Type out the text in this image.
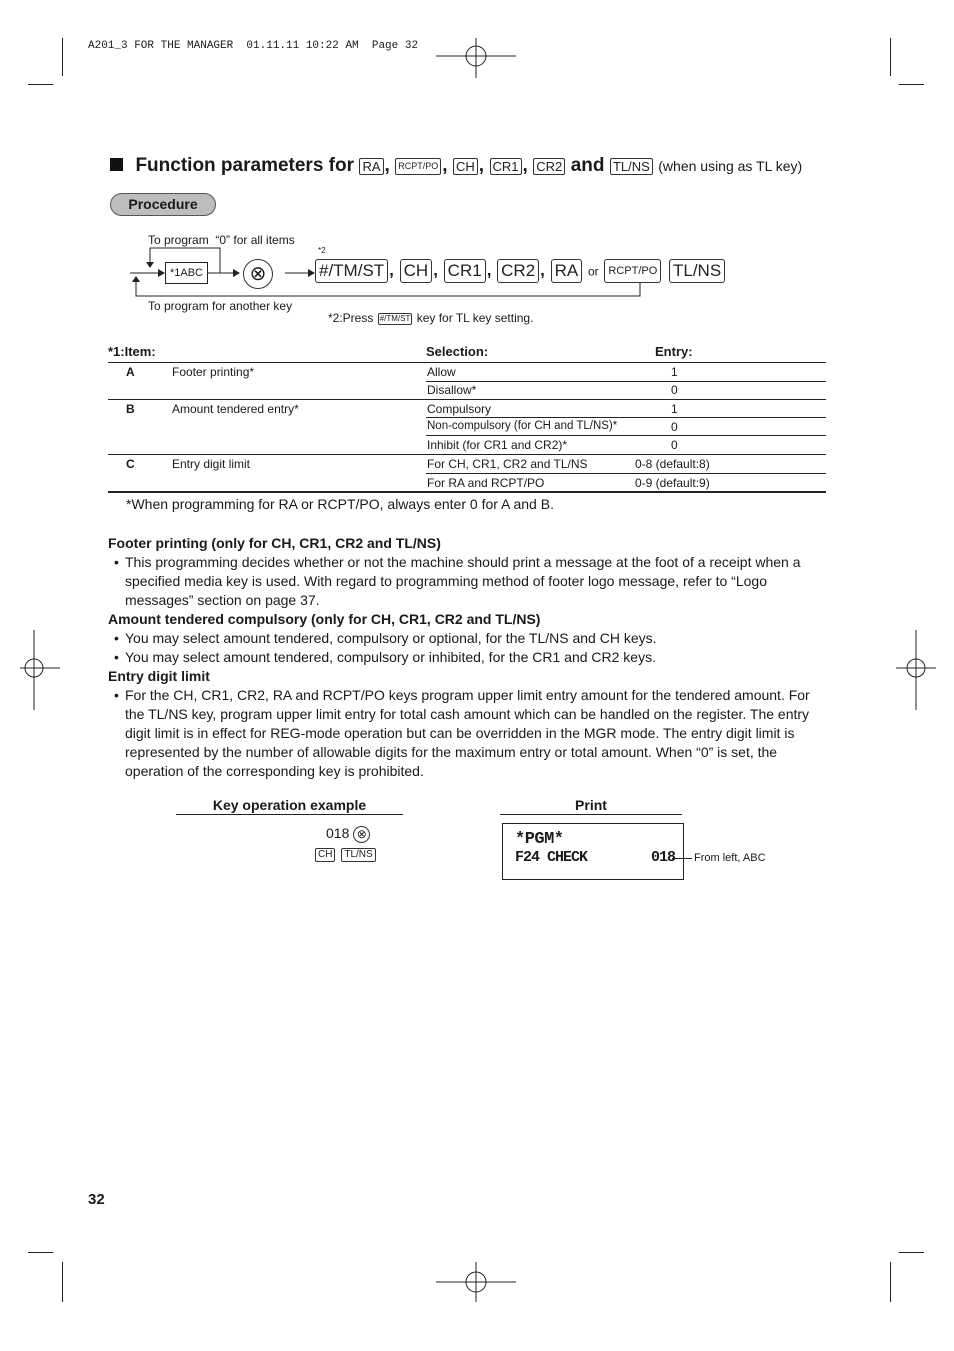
A201_3 FOR THE MANAGER  01.11.11 10:22 AM  Page 32
Function parameters for RA , RCPT/PO , CH , CR1 , CR2 and TL/NS (when using as TL key)
Procedure
To program  “0” for all items
*1ABC	⊗
*2
#/TM/ST , CH , CR1 , CR2 , RA or RCPT/PO TL/NS
To program for another key
*2:Press #/TM/ST key for TL key setting.
*1:Item:	Selection:	Entry:
A	Footer printing*	Allow	1
Disallow*	0
B	Amount tendered entry*	Compulsory	1
Non-compulsory (for CH and TL/NS)*	0
Inhibit (for CR1 and CR2)*	0
C	Entry digit limit	For CH, CR1, CR2 and TL/NS	0-8 (default:8)
For RA and RCPT/PO	0-9 (default:9)
*When programming for RA or RCPT/PO, always enter 0 for A and B.
Footer printing (only for CH, CR1, CR2 and TL/NS)
• This programming decides whether or not the machine should print a message at the foot of a receipt when a specified media key is used. With regard to programming method of footer logo message, refer to “Logo messages” section on page 37.
Amount tendered compulsory (only for CH, CR1, CR2 and TL/NS)
• You may select amount tendered, compulsory or optional, for the TL/NS and CH keys.
• You may select amount tendered, compulsory or inhibited, for the CR1 and CR2 keys.
Entry digit limit
• For the CH, CR1, CR2, RA and RCPT/PO keys program upper limit entry amount for the tendered amount. For the TL/NS key, program upper limit entry for total cash amount which can be handled on the register. The entry digit limit is in effect for REG-mode operation but can be overridden in the MGR mode. The entry digit limit is represented by the number of allowable digits for the maximum entry or total amount. When “0” is set, the operation of the corresponding key is prohibited.
Key operation example	Print
018 ⊗
CH TL/NS
*PGM*
F24 CHECK	018 From left, ABC
32
